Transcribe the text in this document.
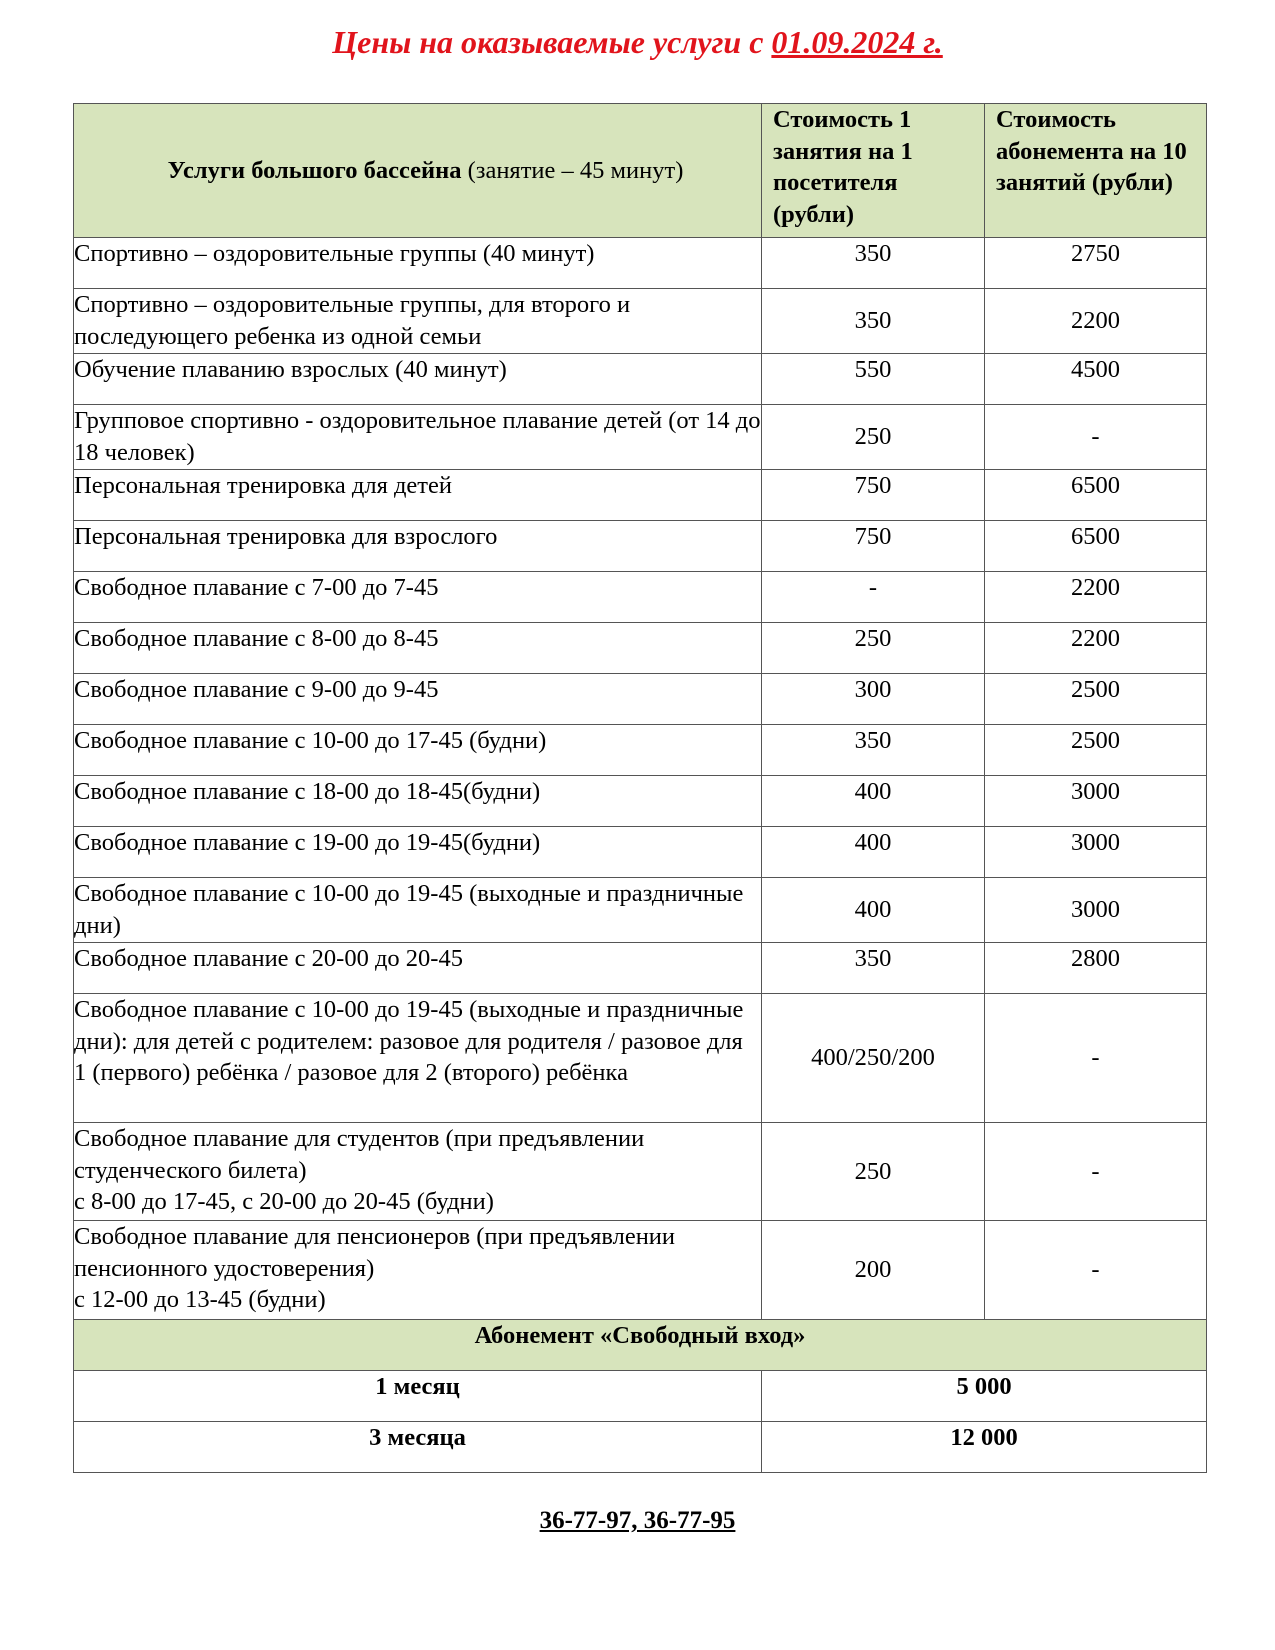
Цены на оказываемые услуги с 01.09.2024 г.
Услуги большого бассейна (занятие – 45 минут)	Стоимость 1 занятия на 1 посетителя (рубли)	Стоимость абонемента на 10 занятий (рубли)
Спортивно – оздоровительные группы (40 минут)	350	2750
Спортивно – оздоровительные группы, для второго и последующего ребенка из одной семьи	350	2200
Обучение плаванию взрослых (40 минут)	550	4500
Групповое спортивно - оздоровительное плавание детей (от 14 до 18 человек)	250	-
Персональная тренировка для детей	750	6500
Персональная тренировка для взрослого	750	6500
Свободное плавание с 7-00 до 7-45	-	2200
Свободное плавание с 8-00 до 8-45	250	2200
Свободное плавание с 9-00 до 9-45	300	2500
Свободное плавание с 10-00 до 17-45 (будни)	350	2500
Свободное плавание с 18-00 до 18-45(будни)	400	3000
Свободное плавание с 19-00 до 19-45(будни)	400	3000
Свободное плавание с 10-00 до 19-45 (выходные и праздничные дни)	400	3000
Свободное плавание с 20-00 до 20-45	350	2800
Свободное плавание с 10-00 до 19-45 (выходные и праздничные дни): для детей с родителем: разовое для родителя / разовое для 1 (первого) ребёнка / разовое для 2 (второго) ребёнка	400/250/200	-

Свободное плавание для студентов (при предъявлении студенческого билета)
с 8-00 до 17-45, с 20-00 до 20-45 (будни)	250	-

Свободное плавание для пенсионеров (при предъявлении пенсионного удостоверения)
с 12-00 до 13-45 (будни)	200	-
Абонемент «Свободный вход»		
1 месяц	5 000	
3 месяца	12 000	
36-77-97, 36-77-95
